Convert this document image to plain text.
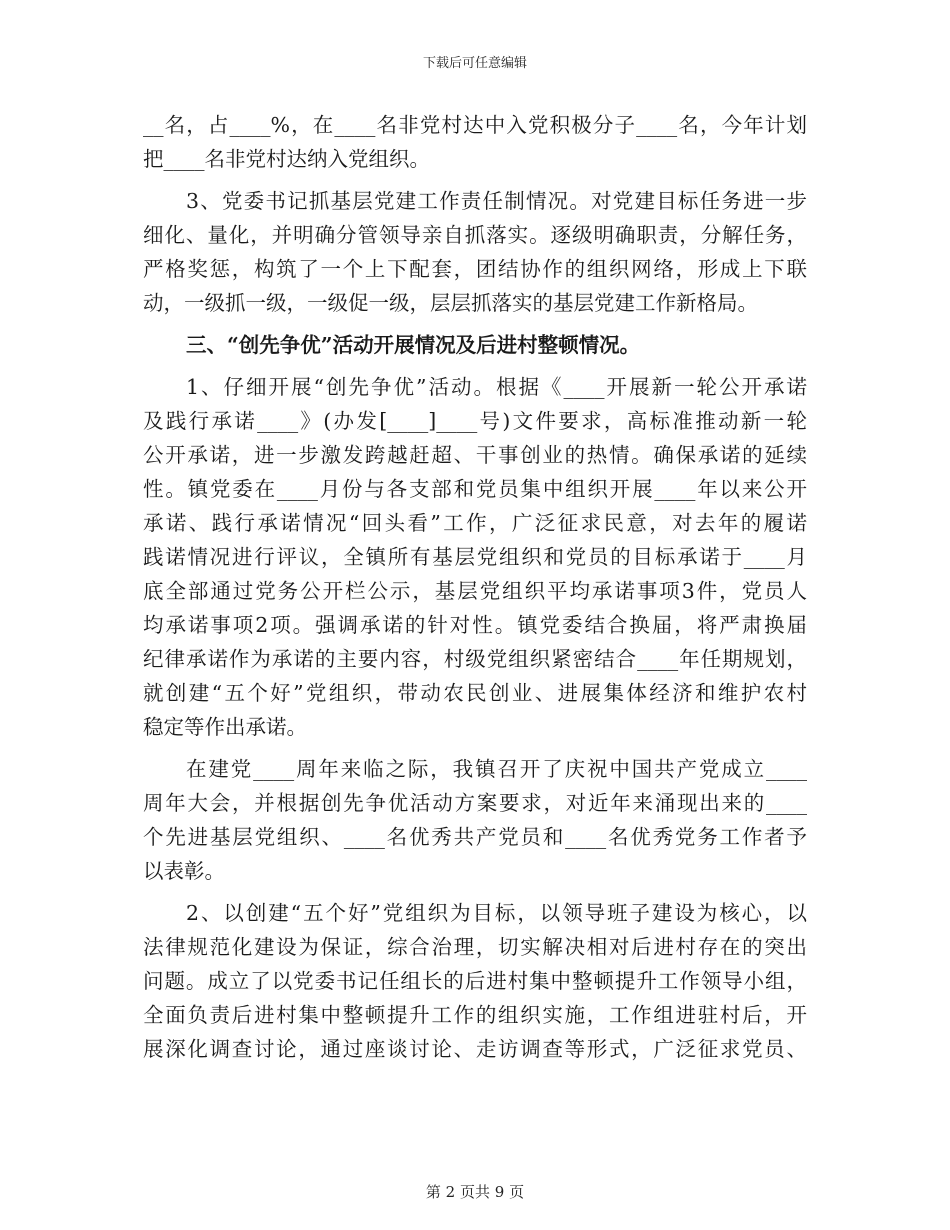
下载后可任意编辑
__名，占____%，在____名非党村达中入党积极分子____名，今年计划
把____名非党村达纳入党组织。
3、党委书记抓基层党建工作责任制情况。对党建目标任务进一步
细化、量化，并明确分管领导亲自抓落实。逐级明确职责，分解任务，
严格奖惩，构筑了一个上下配套，团结协作的组织网络，形成上下联
动，一级抓一级，一级促一级，层层抓落实的基层党建工作新格局。
三、“创先争优”活动开展情况及后进村整顿情况。
1、仔细开展“创先争优”活动。根据《____开展新一轮公开承诺
及践行承诺____》(办发[____]____号)文件要求，高标准推动新一轮
公开承诺，进一步激发跨越赶超、干事创业的热情。确保承诺的延续
性。镇党委在____月份与各支部和党员集中组织开展____年以来公开
承诺、践行承诺情况“回头看”工作，广泛征求民意，对去年的履诺
践诺情况进行评议，全镇所有基层党组织和党员的目标承诺于____月
底全部通过党务公开栏公示，基层党组织平均承诺事项3件，党员人
均承诺事项2项。强调承诺的针对性。镇党委结合换届，将严肃换届
纪律承诺作为承诺的主要内容，村级党组织紧密结合____年任期规划，
就创建“五个好”党组织，带动农民创业、进展集体经济和维护农村
稳定等作出承诺。
在建党____周年来临之际，我镇召开了庆祝中国共产党成立____
周年大会，并根据创先争优活动方案要求，对近年来涌现出来的____
个先进基层党组织、____名优秀共产党员和____名优秀党务工作者予
以表彰。
2、以创建“五个好”党组织为目标，以领导班子建设为核心，以
法律规范化建设为保证，综合治理，切实解决相对后进村存在的突出
问题。成立了以党委书记任组长的后进村集中整顿提升工作领导小组，
全面负责后进村集中整顿提升工作的组织实施，工作组进驻村后，开
展深化调查讨论，通过座谈讨论、走访调查等形式，广泛征求党员、
第 2 页共 9 页
